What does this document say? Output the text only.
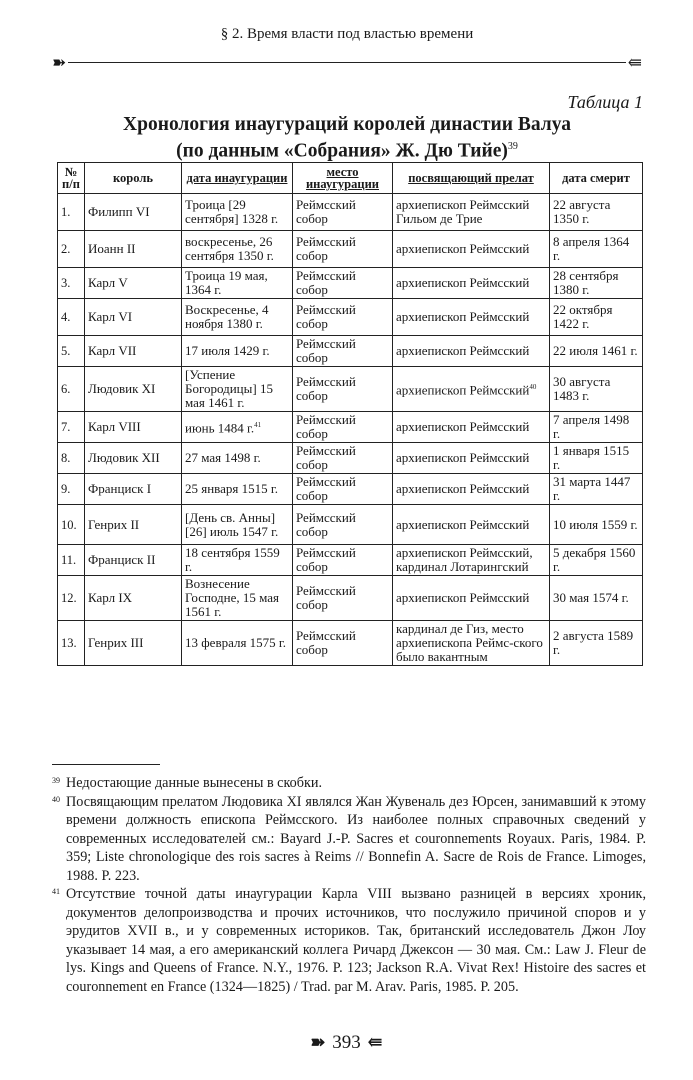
➽
§ 2. Время власти под властью времени
⇚
Таблица 1
Хронология инаугураций королей династии Валуа
(по данным «Собрания» Ж. Дю Тийе)$^{39}$
№ п/п	король	дата инаугурации	место инаугурации	посвящающий прелат	дата смерит
1.	Филипп VI	Троица [29 сентября] 1328 г.	Реймсский собор	архиепископ Реймсский Гильом де Трие	22 августа 1350 г.
2.	Иоанн II	воскресенье, 26 сентября 1350 г.	Реймсский собор	архиепископ Реймсский	8 апреля 1364 г.
3.	Карл V	Троица 19 мая, 1364 г.	Реймсский собор	архиепископ Реймсский	28 сентября 1380 г.
4.	Карл VI	Воскресенье, 4 ноября 1380 г.	Реймсский собор	архиепископ Реймсский	22 октября 1422 г.
5.	Карл VII	17 июля 1429 г.	Реймсский собор	архиепископ Реймсский	22 июля 1461 г.
6.	Людовик XI	[Успение Богородицы] 15 мая 1461 г.	Реймсский собор	архиепископ Реймсский$^{40}$	30 августа 1483 г.
7.	Карл VIII	июнь 1484 г.$^{41}$	Реймсский собор	архиепископ Реймсский	7 апреля 1498 г.
8.	Людовик XII	27 мая 1498 г.	Реймсский собор	архиепископ Реймсский	1 января 1515 г.
9.	Франциск I	25 января 1515 г.	Реймсский собор	архиепископ Реймсский	31 марта 1447 г.
10.	Генрих II	[День св. Анны] [26] июль 1547 г.	Реймсский собор	архиепископ Реймсский	10 июля 1559 г.
11.	Франциск II	18 сентября 1559 г.	Реймсский собор	архиепископ Реймсский, кардинал Лотарингский	5 декабря 1560 г.
12.	Карл IX	Вознесение Господне, 15 мая 1561 г.	Реймсский собор	архиепископ Реймсский	30 мая 1574 г.
13.	Генрих III	13 февраля 1575 г.	Реймсский собор	кардинал де Гиз, место архиепископа Реймс-ского было вакантным	2 августа 1589 г.
39 Недостающие данные вынесены в скобки.
40 Посвящающим прелатом Людовика XI являлся Жан Жувеналь дез Юрсен, занимавший к этому времени должность епископа Реймсского. Из наиболее полных справочных сведений у современных исследователей см.: Bayard J.-P. Sacres et couronnements Royaux. Paris, 1984. P. 359; Liste chronologique des rois sacres à Reims // Bonnefin A. Sacre de Rois de France. Limoges, 1988. P. 223.
41 Отсутствие точной даты инаугурации Карла VIII вызвано разницей в версиях хроник, документов делопроизводства и прочих источников, что послужило причиной споров и у эрудитов XVII в., и у современных историков. Так, британский исследователь Джон Лоу указывает 14 мая, а его американский коллега Ричард Джексон — 30 мая. См.: Law J. Fleur de lys. Kings and Queens of France. N.Y., 1976. P. 123; Jackson R.A. Vivat Rex! Histoire des sacres et couronnement en France (1324—1825) / Trad. par M. Arav. Paris, 1985. P. 205.
➽ 393 ⇚
